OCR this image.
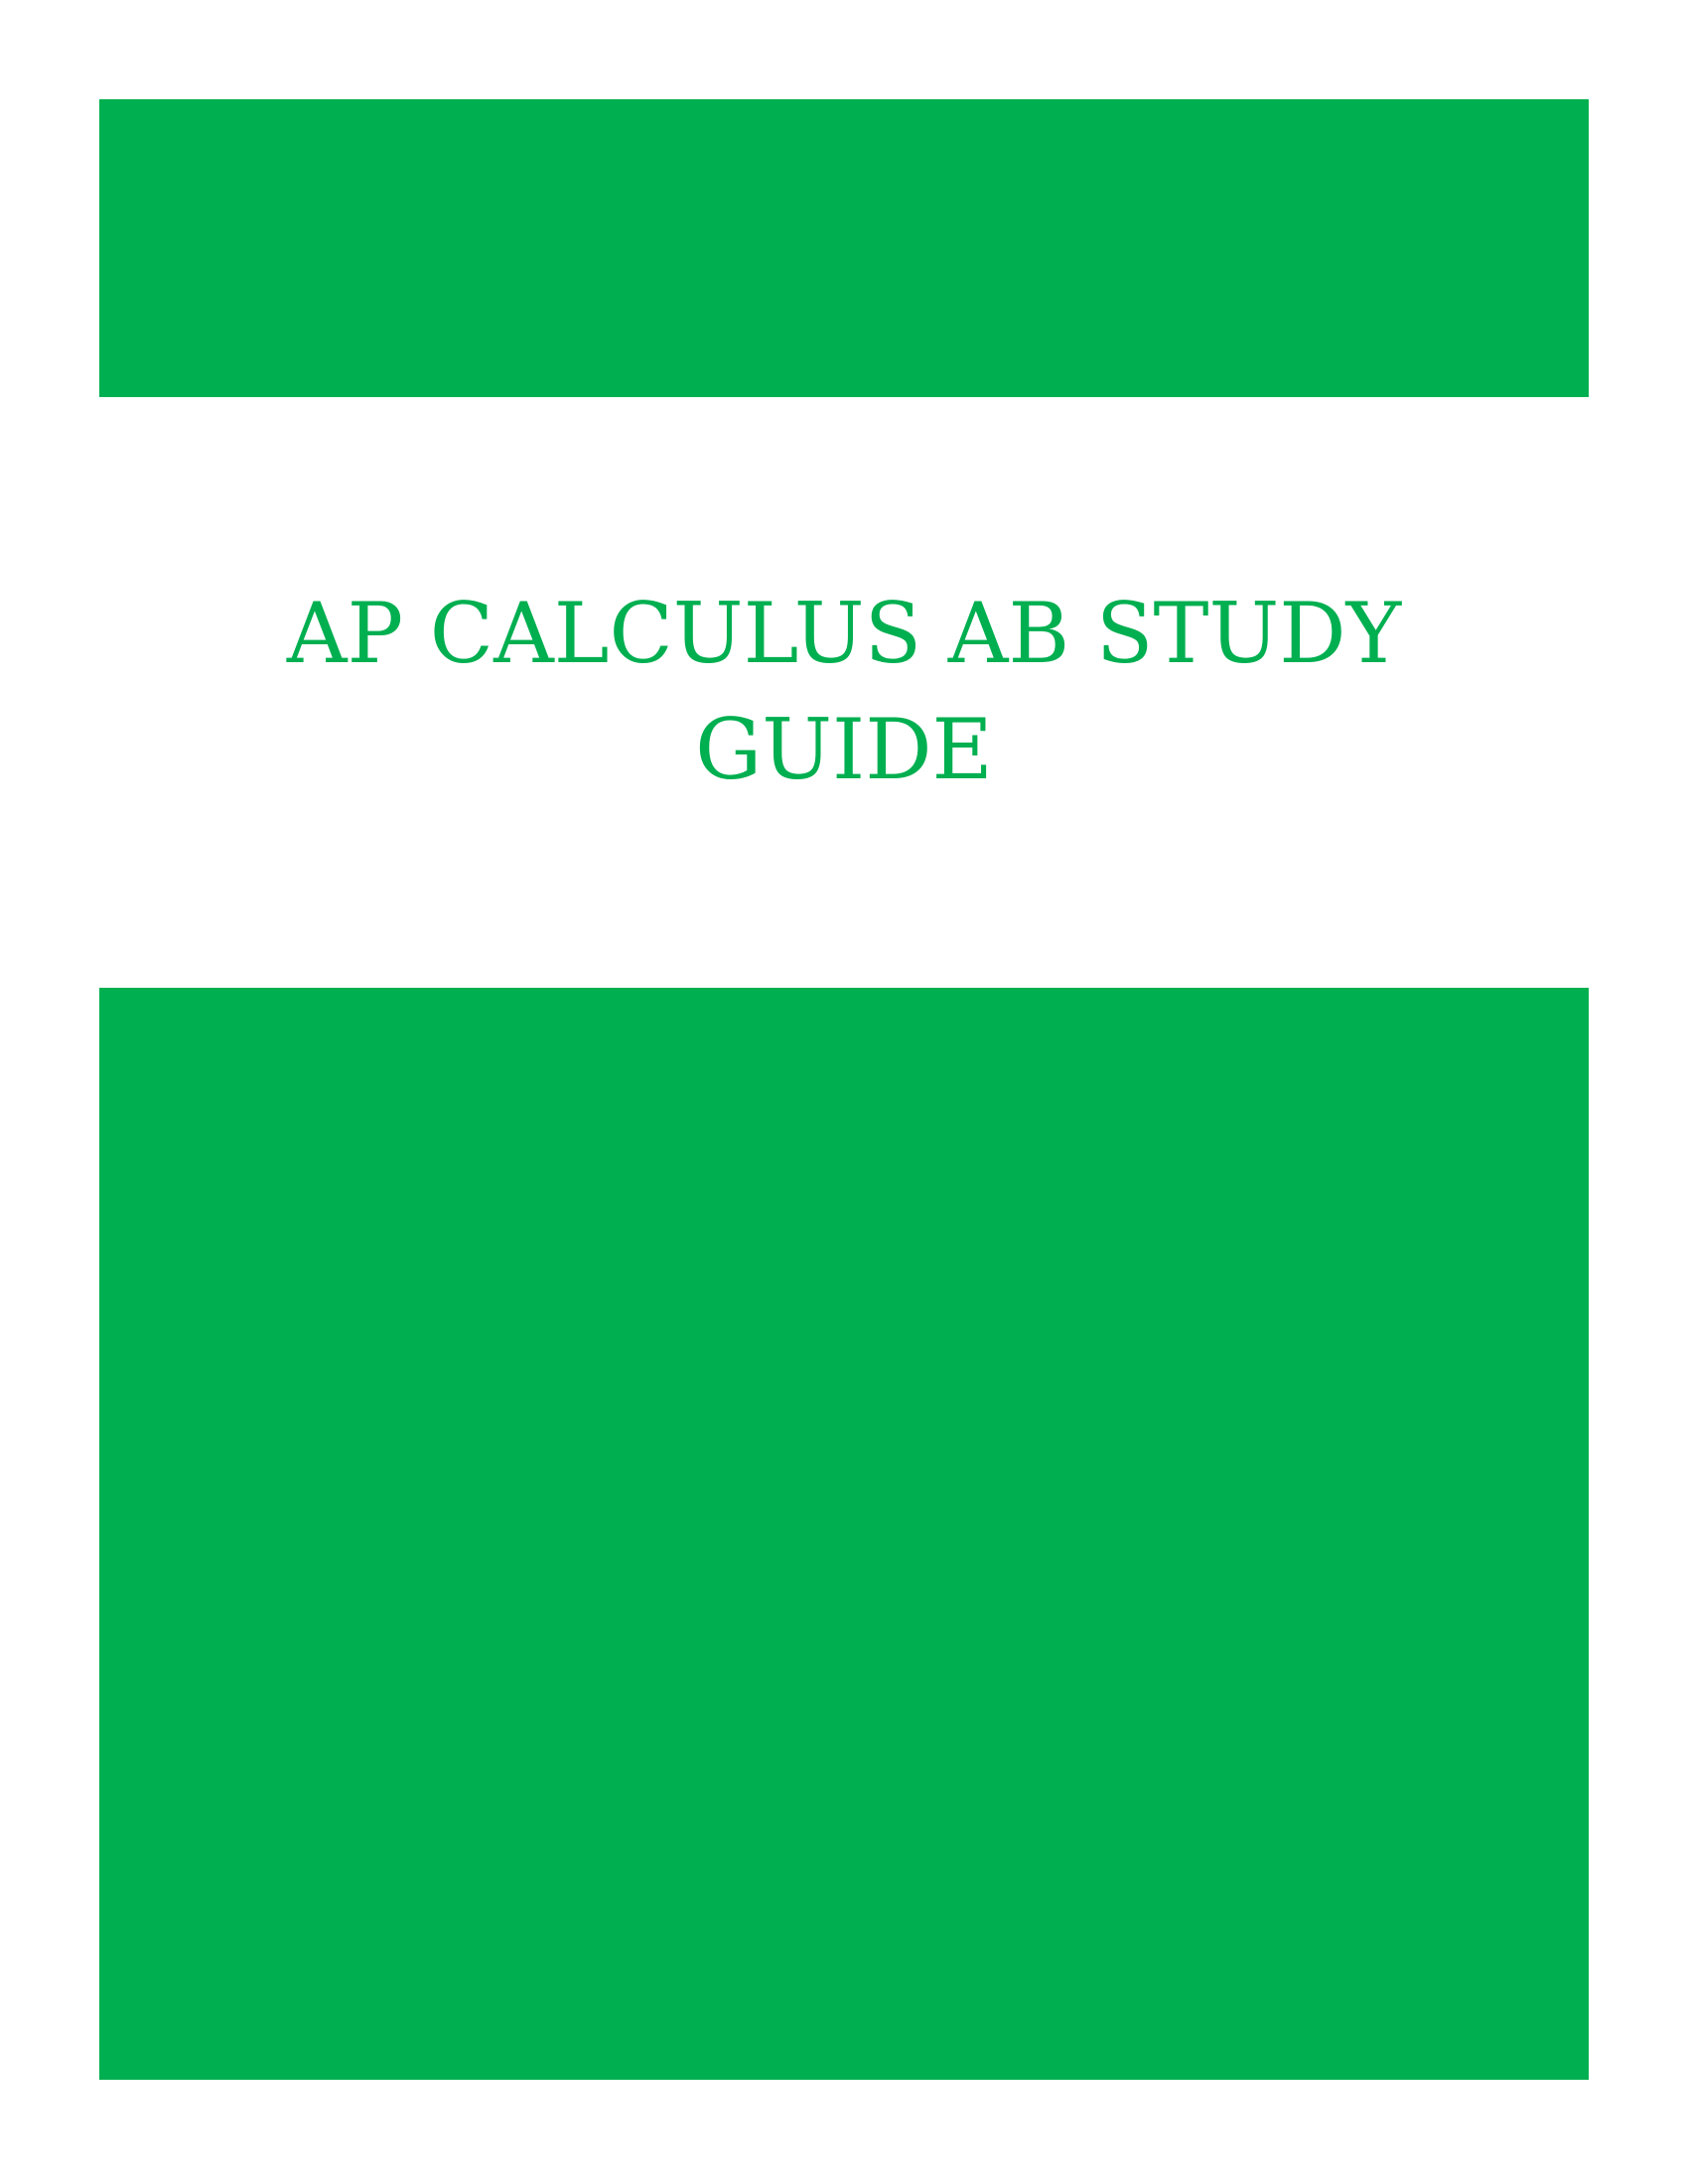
AP CALCULUS AB STUDY
GUIDE
